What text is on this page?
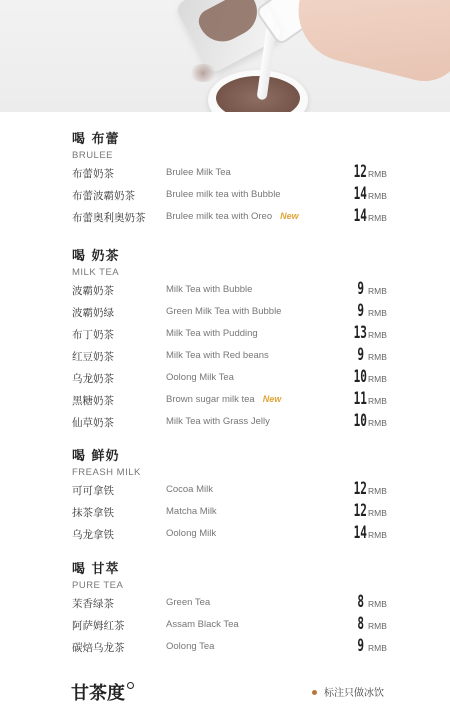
喝 布蕾
BRULEE
布蕾奶茶	Brulee Milk Tea	12 RMB
布蕾波霸奶茶	Brulee milk tea with Bubble	14 RMB
布蕾奥利奥奶茶 Brulee milk tea with Oreo New	14 RMB
喝 奶茶
MILK TEA
波霸奶茶	Milk Tea with Bubble	9 RMB
波霸奶绿	Green Milk Tea with Bubble	9 RMB
布丁奶茶	Milk Tea with Pudding	13 RMB
红豆奶茶	Milk Tea with Red beans	9 RMB
乌龙奶茶	Oolong Milk Tea	10 RMB
黑糖奶茶	Brown sugar milk tea New	11 RMB
仙草奶茶	Milk Tea with Grass Jelly	10 RMB
喝 鲜奶
FREASH MILK
可可拿铁	Cocoa Milk	12 RMB
抹茶拿铁	Matcha Milk	12 RMB
乌龙拿铁	Oolong Milk	14 RMB
喝 甘萃
PURE TEA
茉香绿茶	Green Tea	8 RMB
阿萨姆红茶	Assam Black Tea	8 RMB
碳焙乌龙茶	Oolong Tea	9 RMB
甘茶度	标注只做冰饮
